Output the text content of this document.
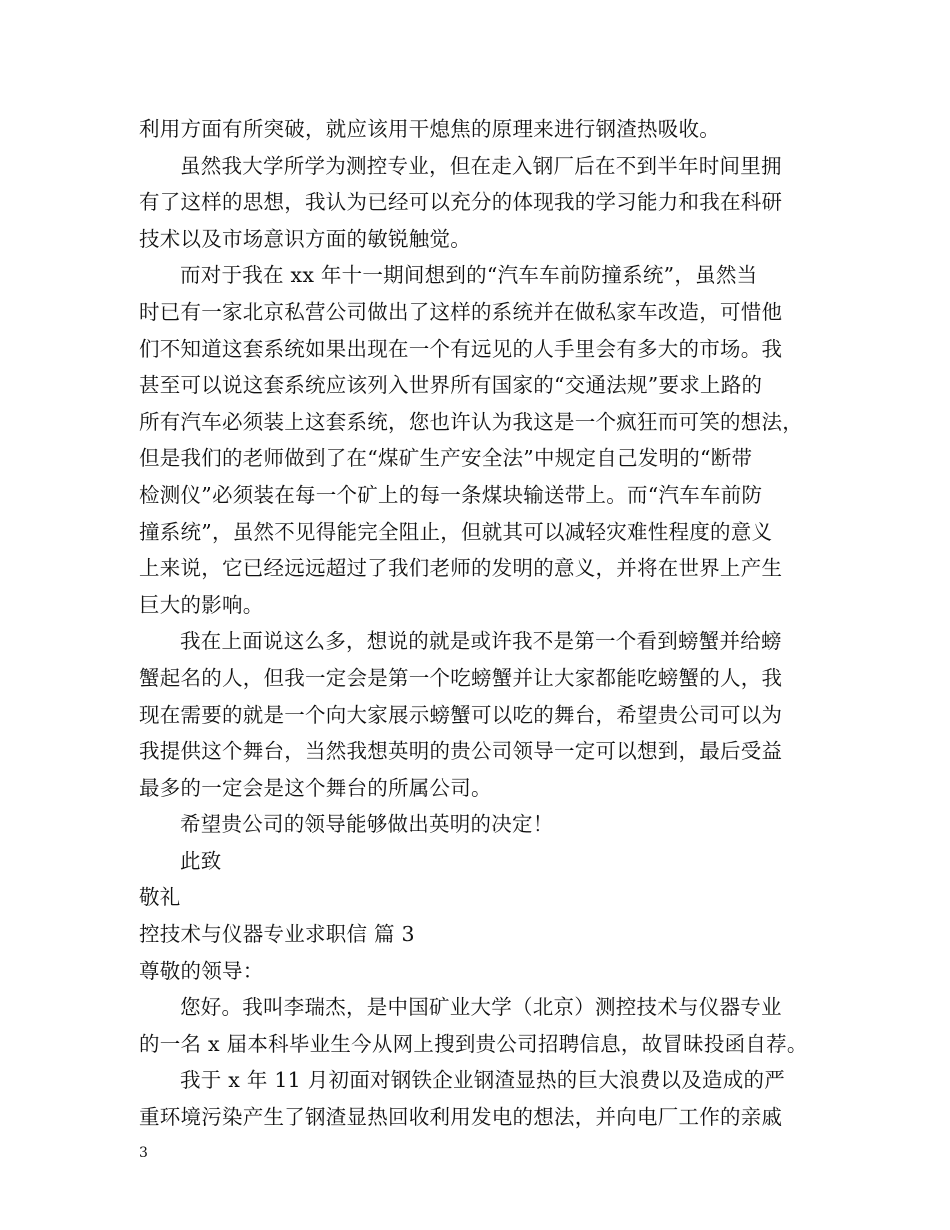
利用方面有所突破，就应该用干熄焦的原理来进行钢渣热吸收。
虽然我大学所学为测控专业，但在走入钢厂后在不到半年时间里拥
有了这样的思想，我认为已经可以充分的体现我的学习能力和我在科研
技术以及市场意识方面的敏锐触觉。
而对于我在 xx 年十一期间想到的“汽车车前防撞系统”，虽然当
时已有一家北京私营公司做出了这样的系统并在做私家车改造，可惜他
们不知道这套系统如果出现在一个有远见的人手里会有多大的市场。我
甚至可以说这套系统应该列入世界所有国家的“交通法规”要求上路的
所有汽车必须装上这套系统，您也许认为我这是一个疯狂而可笑的想法，
但是我们的老师做到了在“煤矿生产安全法”中规定自己发明的“断带
检测仪”必须装在每一个矿上的每一条煤块输送带上。而“汽车车前防
撞系统”，虽然不见得能完全阻止，但就其可以减轻灾难性程度的意义
上来说，它已经远远超过了我们老师的发明的意义，并将在世界上产生
巨大的影响。
我在上面说这么多，想说的就是或许我不是第一个看到螃蟹并给螃
蟹起名的人，但我一定会是第一个吃螃蟹并让大家都能吃螃蟹的人，我
现在需要的就是一个向大家展示螃蟹可以吃的舞台，希望贵公司可以为
我提供这个舞台，当然我想英明的贵公司领导一定可以想到，最后受益
最多的一定会是这个舞台的所属公司。
希望贵公司的领导能够做出英明的决定！
此致
敬礼
控技术与仪器专业求职信 篇 3
尊敬的领导：
您好。我叫李瑞杰，是中国矿业大学（北京）测控技术与仪器专业
的一名 x 届本科毕业生今从网上搜到贵公司招聘信息，故冒昧投函自荐。
我于 x 年 11 月初面对钢铁企业钢渣显热的巨大浪费以及造成的严
重环境污染产生了钢渣显热回收利用发电的想法，并向电厂工作的亲戚
3
